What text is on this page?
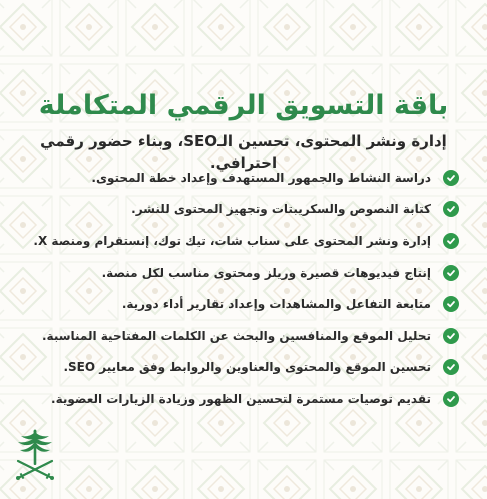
باقة التسويق الرقمي المتكاملة

إدارة ونشر المحتوى، تحسين الـSEO، وبناء حضور رقمي احترافي.

دراسة النشاط والجمهور المستهدف وإعداد خطة المحتوى.
كتابة النصوص والسكريبتات وتجهيز المحتوى للنشر.
إدارة ونشر المحتوى على سناب شات، تيك توك، إنستقرام ومنصة X.
إنتاج فيديوهات قصيرة وريلز ومحتوى مناسب لكل منصة.
متابعة التفاعل والمشاهدات وإعداد تقارير أداء دورية.
تحليل الموقع والمنافسين والبحث عن الكلمات المفتاحية المناسبة.
تحسين الموقع والمحتوى والعناوين والروابط وفق معايير SEO.
تقديم توصيات مستمرة لتحسين الظهور وزيادة الزيارات العضوية.
